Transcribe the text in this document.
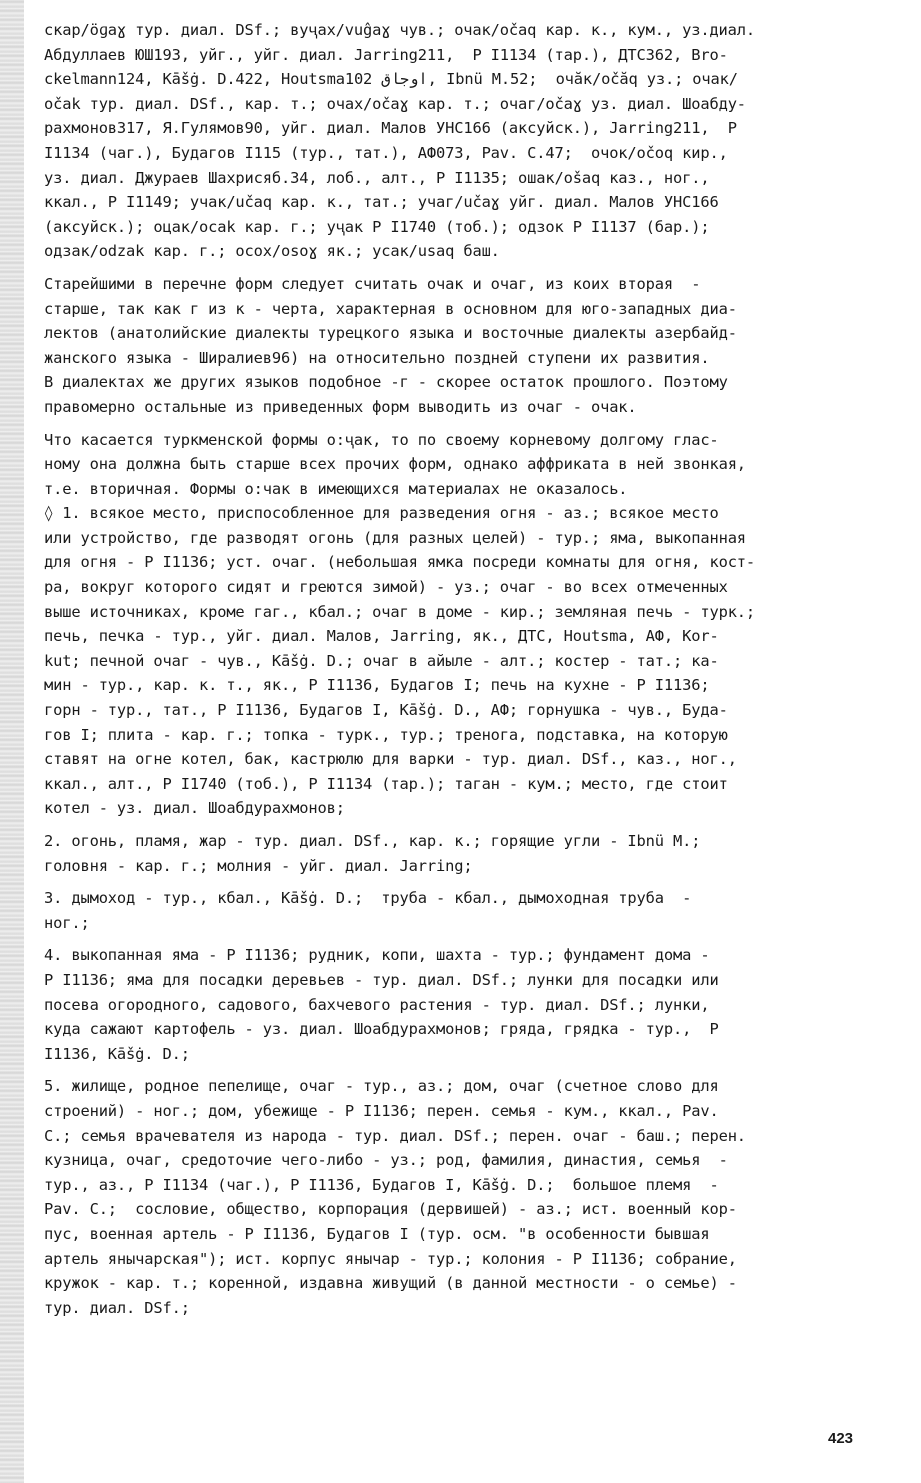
скар/öɡaɣ тур. диал. DSf.; вуҷах/vuĝaɣ чув.; очак/očaq кар. к., кум., уз.диал.
Абдуллаев ЮШ193, уйг., уйг. диал. Jarring211,  Р I1134 (тар.), ДТС362, Bro-
ckelmann124, Kāšġ. D.422, Houtsma102 اوجاق, Ibnü M.52;  очăк/očăq уз.; очак/
očak тур. диал. DSf., кар. т.; очах/očaɣ кар. т.; очаг/očaɣ уз. диал. Шоабду-
рахмонов317, Я.Гулямов90, уйг. диал. Малов УНС166 (аксуйск.), Jarring211,  Р
I1134 (чаг.), Будагов I115 (тур., тат.), АФ073, Pav. C.47;  очок/očoq кир.,
уз. диал. Джураев Шахрисяб.34, лоб., алт., Р I1135; ошак/ošaq каз., ног.,
ккал., Р I1149; учак/učaq кар. к., тат.; учаг/učaɣ уйг. диал. Малов УНС166
(аксуйск.); оцак/ocak кар. г.; уҷак Р I1740 (тоб.); одзок Р I1137 (бар.);
одзак/odzak кар. г.; осох/osoɣ як.; усак/usaq баш.

Старейшими в перечне форм следует считать очак и очаг, из коих вторая  -
старше, так как г из к - черта, характерная в основном для юго-западных диа-
лектов (анатолийские диалекты турецкого языка и восточные диалекты азербайд-
жанского языка - Ширалиев96) на относительно поздней ступени их развития.
В диалектах же других языков подобное -г - скорее остаток прошлого. Поэтому
правомерно остальные из приведенных форм выводить из очаг - очак.

Что касается туркменской формы о:ҷак, то по своему корневому долгому глас-
ному она должна быть старше всех прочих форм, однако аффриката в ней звонкая,
т.е. вторичная. Формы о:чак в имеющихся материалах не оказалось.
◊ 1. всякое место, приспособленное для разведения огня - аз.; всякое место
или устройство, где разводят огонь (для разных целей) - тур.; яма, выкопанная
для огня - Р I1136; уст. очаг. (небольшая ямка посреди комнаты для огня, кост-
ра, вокруг которого сидят и греются зимой) - уз.; очаг - во всех отмеченных
выше источниках, кроме гаг., кбал.; очаг в доме - кир.; земляная печь - турк.;
печь, печка - тур., уйг. диал. Малов, Jarring, як., ДТС, Houtsma, АФ, Kor-
kut; печной очаг - чув., Kāšġ. D.; очаг в айыле - алт.; костер - тат.; ка-
мин - тур., кар. к. т., як., Р I1136, Будагов I; печь на кухне - Р I1136;
горн - тур., тат., Р I1136, Будагов I, Kāšġ. D., АФ; горнушка - чув., Буда-
гов I; плита - кар. г.; топка - турк., тур.; тренога, подставка, на которую
ставят на огне котел, бак, кастрюлю для варки - тур. диал. DSf., каз., ног.,
ккал., алт., Р I1740 (тоб.), Р I1134 (тар.); таган - кум.; место, где стоит
котел - уз. диал. Шоабдурахмонов;

2. огонь, пламя, жар - тур. диал. DSf., кар. к.; горящие угли - Ibnü M.;
головня - кар. г.; молния - уйг. диал. Jarring;

3. дымоход - тур., кбал., Kāšġ. D.;  труба - кбал., дымоходная труба  -
ног.;

4. выкопанная яма - Р I1136; рудник, копи, шахта - тур.; фундамент дома -
Р I1136; яма для посадки деревьев - тур. диал. DSf.; лунки для посадки или
посева огородного, садового, бахчевого растения - тур. диал. DSf.; лунки,
куда сажают картофель - уз. диал. Шоабдурахмонов; гряда, грядка - тур.,  Р
I1136, Kāšġ. D.;

5. жилище, родное пепелище, очаг - тур., аз.; дом, очаг (счетное слово для
строений) - ног.; дом, убежище - Р I1136; перен. семья - кум., ккал., Pav.
C.; семья врачевателя из народа - тур. диал. DSf.; перен. очаг - баш.; перен.
кузница, очаг, средоточие чего-либо - уз.; род, фамилия, династия, семья  -
тур., аз., Р I1134 (чаг.), Р I1136, Будагов I, Kāšġ. D.;  большое племя  -
Pav. C.;  сословие, общество, корпорация (дервишей) - аз.; ист. военный кор-
пус, военная артель - Р I1136, Будагов I (тур. осм. "в особенности бывшая
артель янычарская"); ист. корпус янычар - тур.; колония - Р I1136; собрание,
кружок - кар. т.; коренной, издавна живущий (в данной местности - о семье) -
тур. диал. DSf.;

423
